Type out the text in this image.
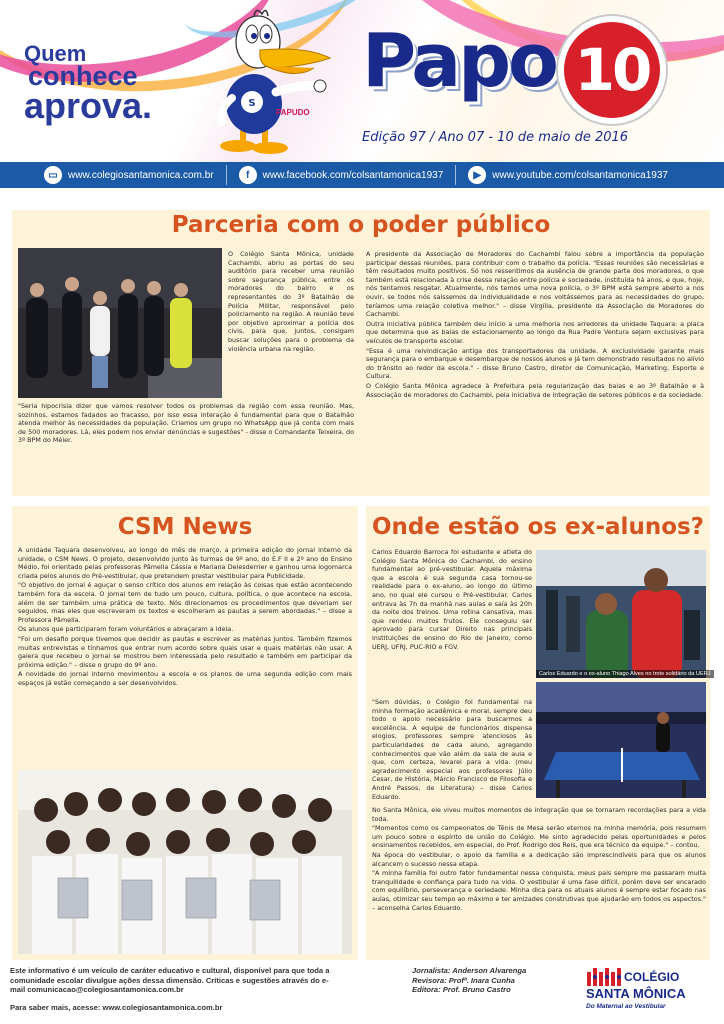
Quem
conhece
aprova.	S
PAPUDO
Papo 10
Edição 97 / Ano 07 - 10 de maio de 2016
▭	www.colegiosantamonica.com.br	f	www.facebook.com/colsantamonica1937	▶	www.youtube.com/colsantamonica1937
Parceria com o poder público

O Colégio Santa Mônica, unidade Cachambi, abriu as portas do seu auditório para receber uma reunião sobre segurança pública, entre os moradores do bairro e os representantes do 3º Batalhão de Polícia Militar, responsável pelo policiamento na região. A reunião teve por objetivo aproximar a polícia dos civis, para que, juntos, consigam buscar soluções para o problema da violência urbana na região.

"Seria hipocrisia dizer que vamos resolver todos os problemas da região com essa reunião. Mas, sozinhos, estamos fadados ao fracasso, por isso essa interação é fundamental para que o Batalhão atenda melhor às necessidades da população. Criamos um grupo no WhatsApp que já conta com mais de 500 moradores. Lá, eles podem nos enviar denúncias e sugestões" - disse o Comandante Teixeira, do 3º BPM do Méier.

A presidente da Associação de Moradores do Cachambi falou sobre a importância da população participar dessas reuniões, para contribuir com o trabalho da polícia. "Essas reuniões são necessárias e têm resultados muito positivos. Só nos ressentimos da ausência de grande parte dos moradores, o que também está relacionada à crise dessa relação entre polícia e sociedade, instituída há anos, e que, hoje, nós tentamos resgatar. Atualmente, nós temos uma nova polícia, o 3º BPM está sempre aberto a nos ouvir, se todos nós saíssemos da individualidade e nos voltássemos para as necessidades do grupo, teríamos uma relação coletiva melhor." – disse Virgília, presidente da Associação de Moradores do Cachambi.

Outra iniciativa pública também deu início a uma melhoria nos arredores da unidade Taquara: a placa que determina que as baias de estacionamento ao longo da Rua Padre Ventura sejam exclusivas para veículos de transporte escolar.

"Essa é uma reivindicação antiga dos transportadores da unidade. A exclusividade garante mais segurança para o embarque e desembarque de nossos alunos e já tem demonstrado resultados no alívio do trânsito ao redor da escola." - disse Bruno Castro, diretor de Comunicação, Marketing, Esporte e Cultura.

O Colégio Santa Mônica agradece à Prefeitura pela regularização das baias e ao 3º Batalhão e à Associação de moradores do Cachambi, pela iniciativa de integração de setores públicos e da sociedade.

CSM News

A unidade Taquara desenvolveu, ao longo do mês de março, a primeira edição do jornal interno da unidade, o CSM News. O projeto, desenvolvido junto às turmas de 9º ano, do E.F II e 2º ano do Ensino Médio, foi orientado pelas professoras Pâmella Cássia e Mariana Delesderrier e ganhou uma logomarca criada pelos alunos do Pré-vestibular, que pretendem prestar vestibular para Publicidade.

"O objetivo do jornal é aguçar o senso crítico dos alunos em relação às coisas que estão acontecendo também fora da escola. O jornal tem de tudo um pouco, cultura, política, o que acontece na escola, além de ser também uma prática de texto. Nós direcionamos os procedimentos que deveriam ser seguidos, mas eles que escreveram os textos e escolheram as pautas a serem abordadas." – disse a Professora Pâmella.

Os alunos que participaram foram voluntários e abraçaram a ideia.

"Foi um desafio porque tivemos que decidir as pautas e escrever as matérias juntos. Também fizemos muitas entrevistas e tínhamos que entrar num acordo sobre quais usar e quais matérias não usar. A galera que recebeu o jornal se mostrou bem interessada pelo resultado e também em participar da próxima edição." – disse o grupo do 9º ano.

A novidade do jornal interno movimentou a escola e os planos de uma segunda edição com mais espaços já estão começando a ser desenvolvidos.

Onde estão os ex-alunos?

Carlos Eduardo Barroca foi estudante e atleta do Colégio Santa Mônica do Cachambi, do ensino fundamental ao pré-vestibular. Aquela máxima que a escola é sua segunda casa tornou-se realidade para o ex-aluno, ao longo do último ano, no qual ele cursou o Pré-vestibular. Carlos entrava às 7h da manhã nas aulas e saía às 20h da noite dos treinos. Uma rotina cansativa, mas que rendeu muitos frutos. Ele conseguiu ser aprovado para cursar Direito nas principais instituições de ensino do Rio de Janeiro, como UERJ, UFRJ, PUC-RIO e FGV.

Carlos Eduardo e o ex-aluno Thiago Alves no trote solidário da UERJ

"Sem dúvidas, o Colégio foi fundamental na minha formação acadêmica e moral, sempre deu todo o apoio necessário para buscarmos a excelência. A equipe de funcionários dispensa elogios, professores sempre atenciosos às particularidades de cada aluno, agregando conhecimentos que vão além da sala de aula e que, com certeza, levarei para a vida. (meu agradecimento especial aos professores Júlio Cesar, de História, Márcio Francisco de Filosofia e André Passos, de Literatura) – disse Carlos Eduardo.

No Santa Mônica, ele viveu muitos momentos de integração que se tornaram recordações para a vida toda.

"Momentos como os campeonatos de Tênis de Mesa serão eternos na minha memória, pois resumem um pouco sobre o espírito de união do Colégio. Me sinto agradecido pelas oportunidades e pelos ensinamentos recebidos, em especial, do Prof. Rodrigo dos Reis, que era técnico da equipe." – contou.

Na época do vestibular, o apoio da família e a dedicação são imprescindíveis para que os alunos alcancem o sucesso nessa etapa.

"A minha família foi outro fator fundamental nessa conquista, meus pais sempre me passaram muita tranquilidade e confiança para tudo na vida. O vestibular é uma fase difícil, porém deve ser encarado com equilíbrio, perseverança e seriedade. Minha dica para os atuais alunos é sempre estar focado nas aulas, otimizar seu tempo ao máximo e ter amizades construtivas que ajudarão em todos os aspectos." – aconselha Carlos Eduardo.

Este informativo é um veículo de caráter educativo e cultural, disponível para que toda a comunidade escolar divulgue ações dessa dimensão. Críticas e sugestões através do e-mail comunicacao@colegiosantamonica.com.br
Para saber mais, acesse: www.colegiosantamonica.com.br
Jornalista: Anderson Alvarenga
Revisora: Profª. Inara Cunha
Editora: Prof. Bruno Castro
COLÉGIO
SANTA MÔNICA
Do Maternal ao Vestibular
